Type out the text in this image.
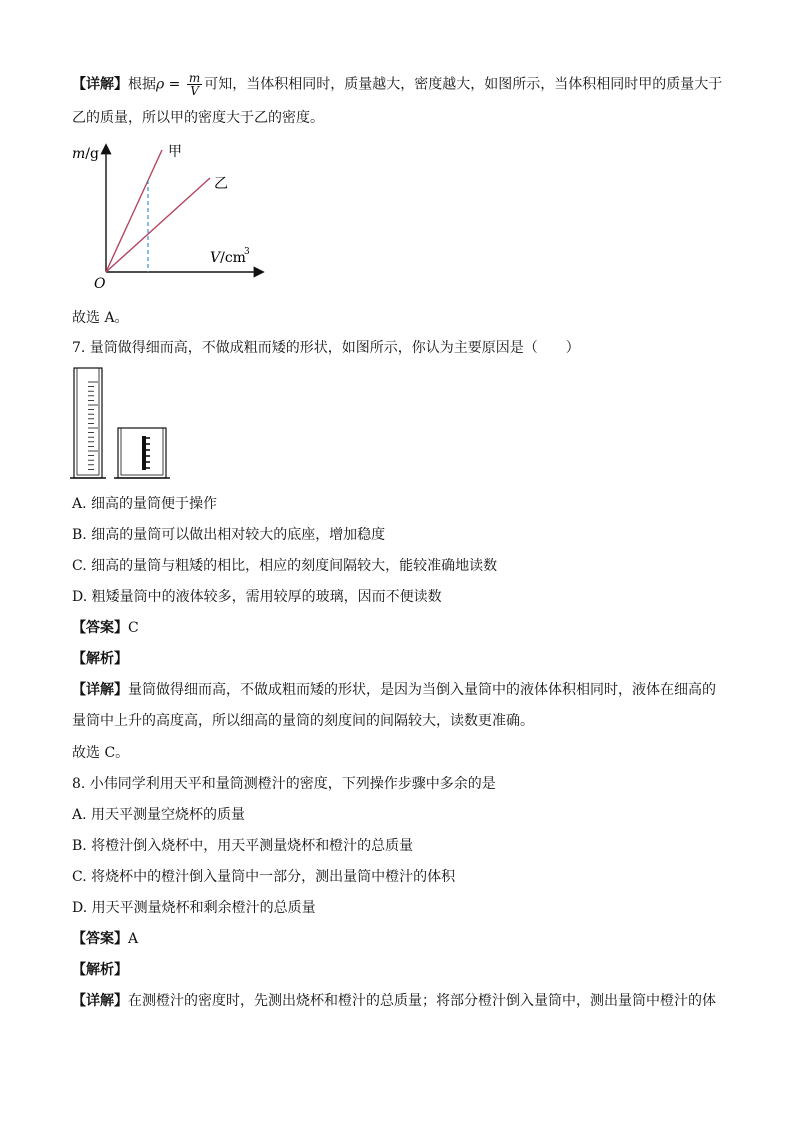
【详解】根据$\rho = \frac{m}{V}$ 可知，当体积相同时，质量越大，密度越大，如图所示，当体积相同时甲的质量大于
乙的质量，所以甲的密度大于乙的密度。
m/g
V/cm
3
O
甲
乙
故选 A。
7. 量筒做得细而高，不做成粗而矮的形状，如图所示，你认为主要原因是（　　）
A. 细高的量筒便于操作
B. 细高的量筒可以做出相对较大的底座，增加稳度
C. 细高的量筒与粗矮的相比，相应的刻度间隔较大，能较准确地读数
D. 粗矮量筒中的液体较多，需用较厚的玻璃，因而不便读数
【答案】C
【解析】
【详解】量筒做得细而高，不做成粗而矮的形状，是因为当倒入量筒中的液体体积相同时，液体在细高的
量筒中上升的高度高，所以细高的量筒的刻度间的间隔较大，读数更准确。
故选 C。
8. 小伟同学利用天平和量筒测橙汁的密度，下列操作步骤中多余的是
A. 用天平测量空烧杯的质量
B. 将橙汁倒入烧杯中，用天平测量烧杯和橙汁的总质量
C. 将烧杯中的橙汁倒入量筒中一部分，测出量筒中橙汁的体积
D. 用天平测量烧杯和剩余橙汁的总质量
【答案】A
【解析】
【详解】在测橙汁的密度时，先测出烧杯和橙汁的总质量；将部分橙汁倒入量筒中，测出量筒中橙汁的体
